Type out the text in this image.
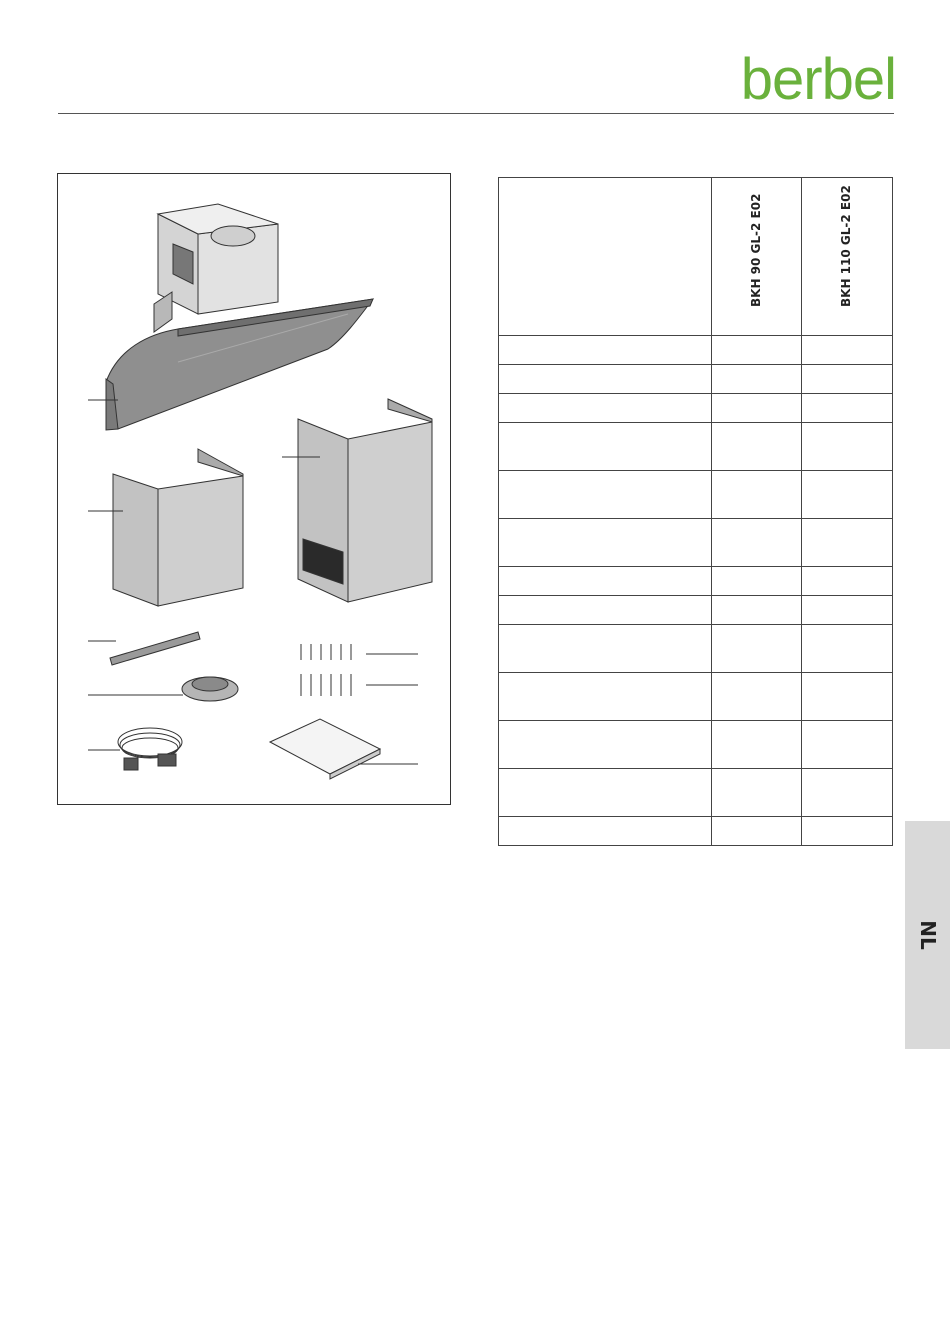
berbel

	BKH 90 GL-2 E02	BKH 110 GL-2 E02

NL
